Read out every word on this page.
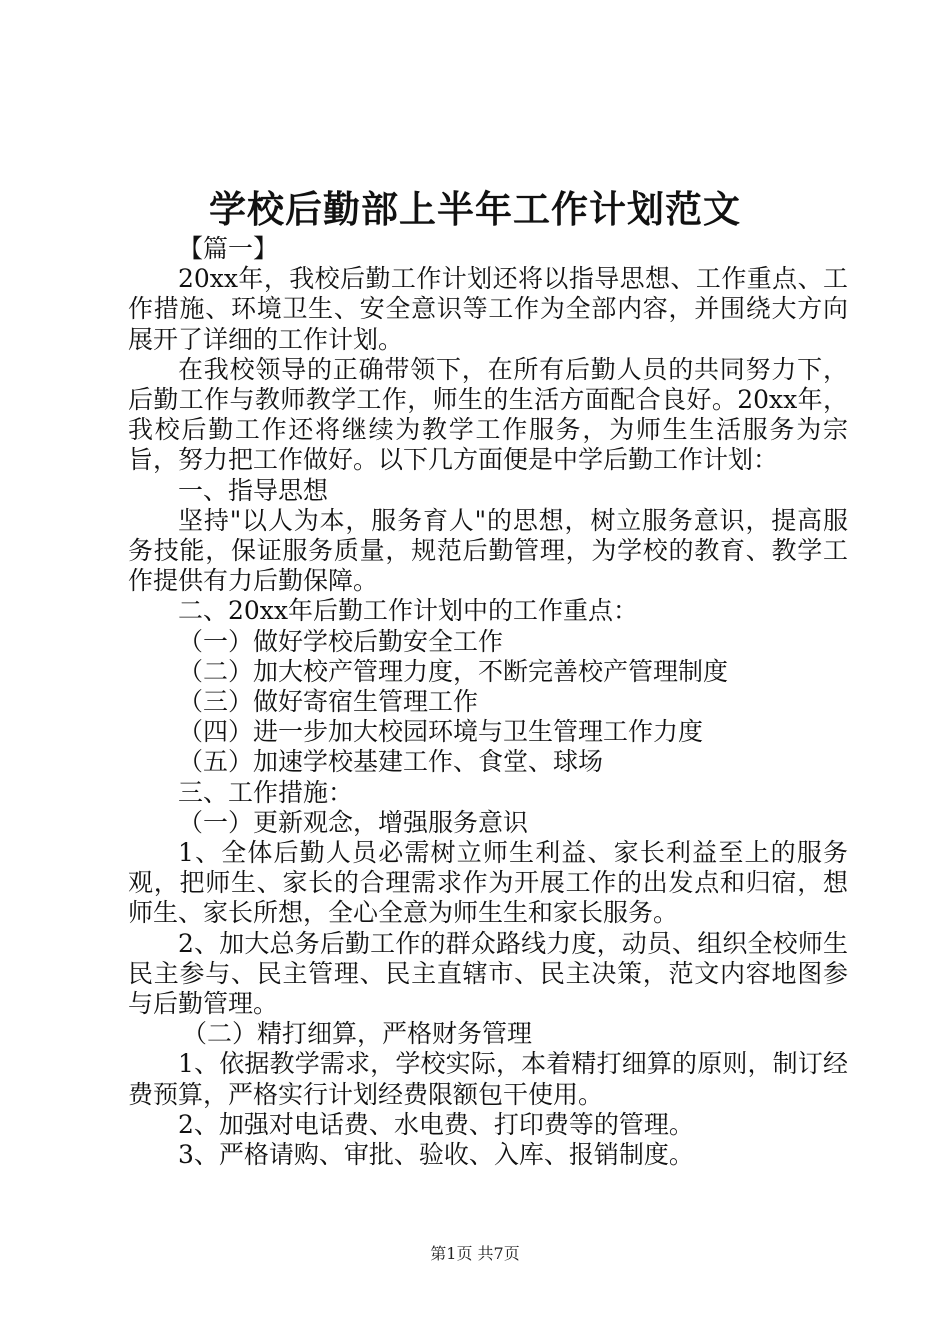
学校后勤部上半年工作计划范文

【篇一】

20xx年，我校后勤工作计划还将以指导思想、工作重点、工作措施、环境卫生、安全意识等工作为全部内容，并围绕大方向展开了详细的工作计划。

在我校领导的正确带领下，在所有后勤人员的共同努力下，后勤工作与教师教学工作，师生的生活方面配合良好。20xx年，我校后勤工作还将继续为教学工作服务，为师生生活服务为宗旨，努力把工作做好。以下几方面便是中学后勤工作计划：

一、指导思想

坚持"以人为本，服务育人"的思想，树立服务意识，提高服务技能，保证服务质量，规范后勤管理，为学校的教育、教学工作提供有力后勤保障。

二、20xx年后勤工作计划中的工作重点：

（一）做好学校后勤安全工作

（二）加大校产管理力度，不断完善校产管理制度

（三）做好寄宿生管理工作

（四）进一步加大校园环境与卫生管理工作力度

（五）加速学校基建工作、食堂、球场

三、工作措施：

（一）更新观念，增强服务意识

1、全体后勤人员必需树立师生利益、家长利益至上的服务观，把师生、家长的合理需求作为开展工作的出发点和归宿，想师生、家长所想，全心全意为师生生和家长服务。

2、加大总务后勤工作的群众路线力度，动员、组织全校师生民主参与、民主管理、民主直辖市、民主决策，范文内容地图参与后勤管理。

（二）精打细算，严格财务管理

1、依据教学需求，学校实际，本着精打细算的原则，制订经费预算，严格实行计划经费限额包干使用。

2、加强对电话费、水电费、打印费等的管理。

3、严格请购、审批、验收、入库、报销制度。

第1页 共7页
